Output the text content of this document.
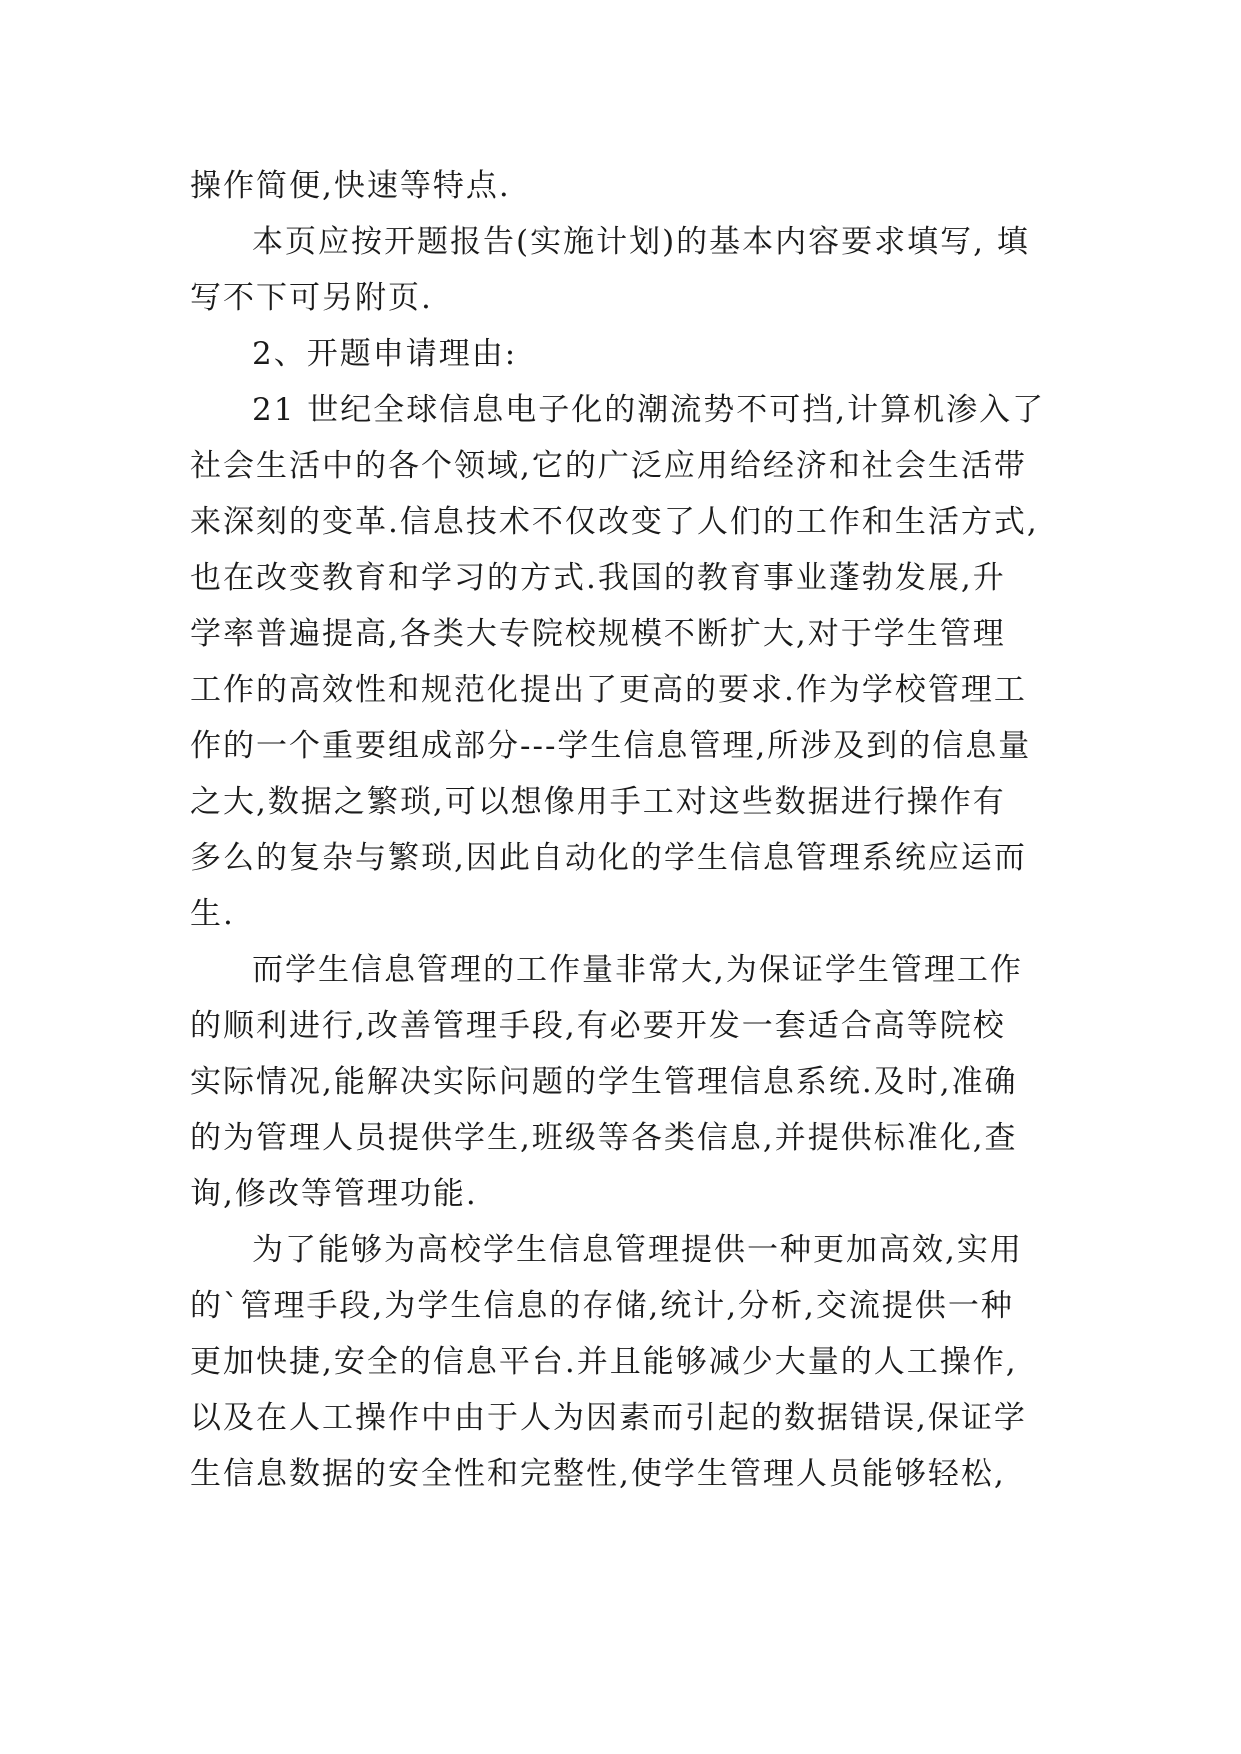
操作简便,快速等特点.
本页应按开题报告(实施计划)的基本内容要求填写, 填
写不下可另附页.
2、开题申请理由:
21 世纪全球信息电子化的潮流势不可挡,计算机渗入了
社会生活中的各个领域,它的广泛应用给经济和社会生活带
来深刻的变革.信息技术不仅改变了人们的工作和生活方式,
也在改变教育和学习的方式.我国的教育事业蓬勃发展,升
学率普遍提高,各类大专院校规模不断扩大,对于学生管理
工作的高效性和规范化提出了更高的要求.作为学校管理工
作的一个重要组成部分---学生信息管理,所涉及到的信息量
之大,数据之繁琐,可以想像用手工对这些数据进行操作有
多么的复杂与繁琐,因此自动化的学生信息管理系统应运而
生.
而学生信息管理的工作量非常大,为保证学生管理工作
的顺利进行,改善管理手段,有必要开发一套适合高等院校
实际情况,能解决实际问题的学生管理信息系统.及时,准确
的为管理人员提供学生,班级等各类信息,并提供标准化,查
询,修改等管理功能.
为了能够为高校学生信息管理提供一种更加高效,实用
的`管理手段,为学生信息的存储,统计,分析,交流提供一种
更加快捷,安全的信息平台.并且能够减少大量的人工操作,
以及在人工操作中由于人为因素而引起的数据错误,保证学
生信息数据的安全性和完整性,使学生管理人员能够轻松,
